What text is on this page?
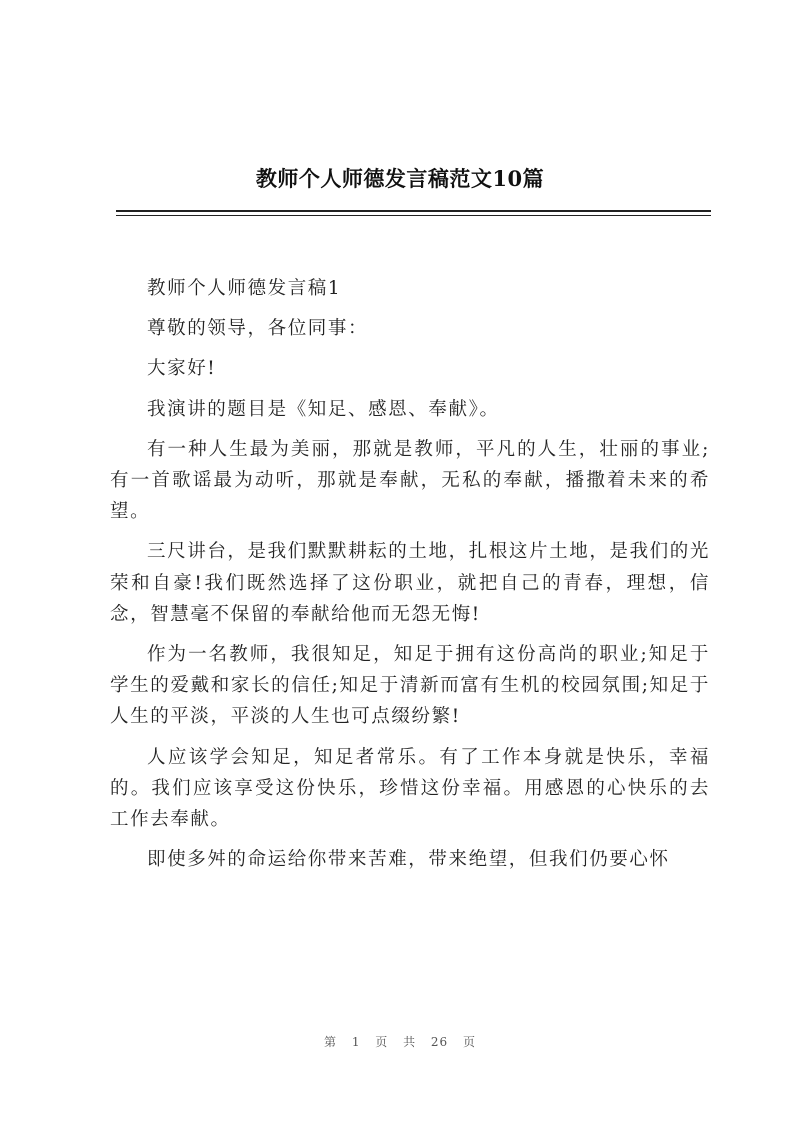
教师个人师德发言稿范文10篇

教师个人师德发言稿1

尊敬的领导，各位同事：

大家好!

我演讲的题目是《知足、感恩、奉献》。

有一种人生最为美丽，那就是教师，平凡的人生，壮丽的事业;有一首歌谣最为动听，那就是奉献，无私的奉献，播撒着未来的希望。

三尺讲台，是我们默默耕耘的土地，扎根这片土地，是我们的光荣和自豪!我们既然选择了这份职业，就把自己的青春，理想，信念，智慧毫不保留的奉献给他而无怨无悔!

作为一名教师，我很知足，知足于拥有这份高尚的职业;知足于学生的爱戴和家长的信任;知足于清新而富有生机的校园氛围;知足于人生的平淡，平淡的人生也可点缀纷繁!

人应该学会知足，知足者常乐。有了工作本身就是快乐，幸福的。我们应该享受这份快乐，珍惜这份幸福。用感恩的心快乐的去工作去奉献。

即使多舛的命运给你带来苦难，带来绝望，但我们仍要心怀

第 1 页 共 26 页
